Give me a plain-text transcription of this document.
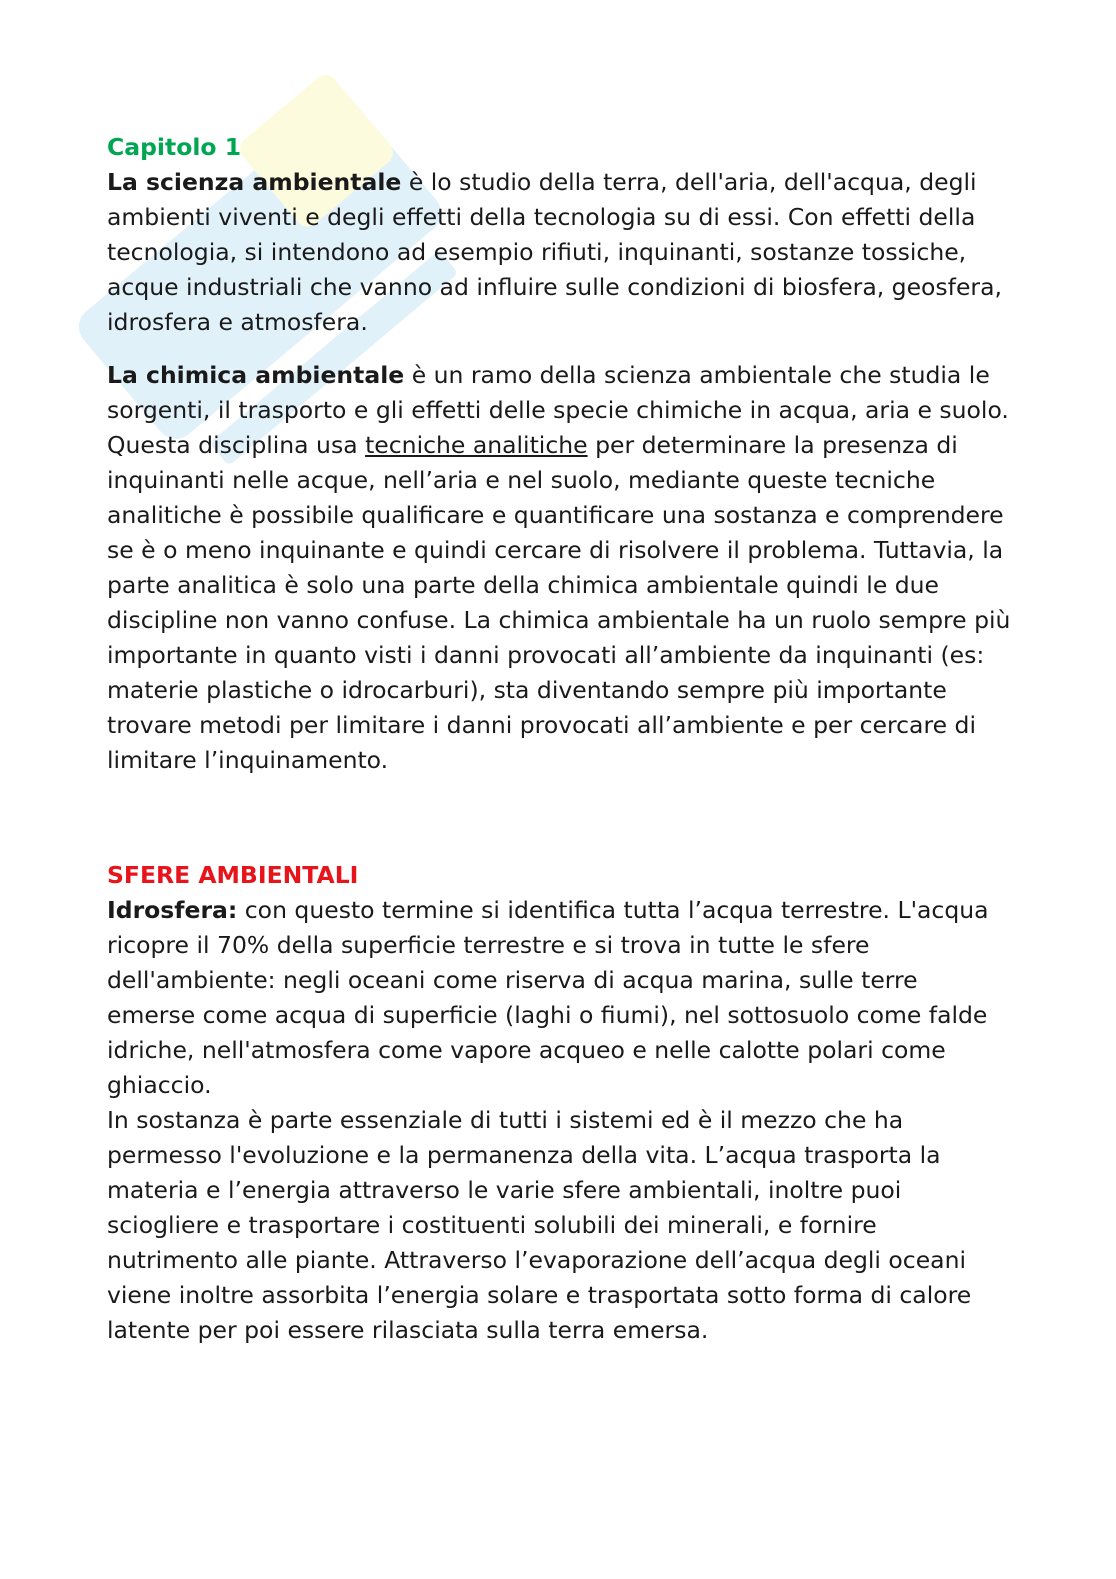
Capitolo 1

La scienza ambientale è lo studio della terra, dell'aria, dell'acqua, degli ambienti viventi e degli effetti della tecnologia su di essi. Con effetti della tecnologia, si intendono ad esempio rifiuti, inquinanti, sostanze tossiche, acque industriali che vanno ad influire sulle condizioni di biosfera, geosfera, idrosfera e atmosfera.

La chimica ambientale è un ramo della scienza ambientale che studia le sorgenti, il trasporto e gli effetti delle specie chimiche in acqua, aria e suolo. Questa disciplina usa tecniche analitiche per determinare la presenza di inquinanti nelle acque, nell’aria e nel suolo, mediante queste tecniche analitiche è possibile qualificare e quantificare una sostanza e comprendere se è o meno inquinante e quindi cercare di risolvere il problema. Tuttavia, la parte analitica è solo una parte della chimica ambientale quindi le due discipline non vanno confuse. La chimica ambientale ha un ruolo sempre più importante in quanto visti i danni provocati all’ambiente da inquinanti (es: materie plastiche o idrocarburi), sta diventando sempre più importante trovare metodi per limitare i danni provocati all’ambiente e per cercare di limitare l’inquinamento.

SFERE AMBIENTALI

Idrosfera: con questo termine si identifica tutta l’acqua terrestre. L'acqua ricopre il 70% della superficie terrestre e si trova in tutte le sfere dell'ambiente: negli oceani come riserva di acqua marina, sulle terre emerse come acqua di superficie (laghi o fiumi), nel sottosuolo come falde idriche, nell'atmosfera come vapore acqueo e nelle calotte polari come ghiaccio.

In sostanza è parte essenziale di tutti i sistemi ed è il mezzo che ha permesso l'evoluzione e la permanenza della vita. L’acqua trasporta la materia e l’energia attraverso le varie sfere ambientali, inoltre puoi sciogliere e trasportare i costituenti solubili dei minerali, e fornire nutrimento alle piante. Attraverso l’evaporazione dell’acqua degli oceani viene inoltre assorbita l’energia solare e trasportata sotto forma di calore latente per poi essere rilasciata sulla terra emersa.
